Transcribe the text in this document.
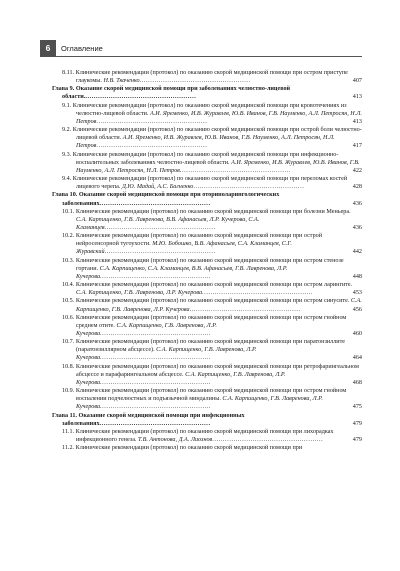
6	Оглавление
8.11. Клинические рекомендации (протокол) по оказанию скорой медицинской помощи при остром приступе глаукомы. Н.В. Ткаченко .....	407
Глава 9. Оказание скорой медицинской помощи при заболеваниях челюстно-лицевой области. .....	413
9.1. Клинические рекомендации (протокол) по оказанию скорой медицинской помощи при кровотечениях из челюстно-лицевой области. А.И. Яременко, И.В. Журавлев, Ю.В. Иванов, Г.В. Науменко, А.Л. Петросян, Н.Л. Петров .....	413
9.2. Клинические рекомендации (протокол) по оказанию скорой медицинской помощи при острой боли челюстно-лицевой области. А.И. Яременко, И.В. Журавлев, Ю.В. Иванов, Г.В. Науменко, А.Л. Петросян, Н.Л. Петров .....	417
9.3. Клинические рекомендации (протокол) по оказанию скорой медицинской помощи при инфекционно-воспалительных заболеваниях челюстно-лицевой области. А.И. Яременко, И.В. Журавлев, Ю.В. Иванов, Г.В. Науменко, А.Л. Петросян, Н.Л. Петров .....	422
9.4. Клинические рекомендации (протокол) по оказанию скорой медицинской помощи при переломах костей лицевого черепа. Д.Ю. Мадай, А.С. Багненко .....	428
Глава 10. Оказание скорой медицинской помощи при оториноларингологических заболеваниях .....	436
10.1. Клинические рекомендации (протокол) по оказанию скорой медицинской помощи при болезни Меньера. С.А. Карпищенко, Г.В. Лавренова, В.В. Афанасьев, Л.Р. Кучерова, С.А. Кламанцев .....	436
10.2. Клинические рекомендации (протокол) по оказанию скорой медицинской помощи при острой нейросенсорной тугоухости. М.Ю. Бобошко, В.В. Афанасьев, С.А. Кламанцев, С.Г. Журавский .....	442
10.3. Клинические рекомендации (протокол) по оказанию скорой медицинской помощи при остром стенозе гортани. С.А. Карпищенко, С.А. Кламанцев, В.В. Афанасьев, Г.В. Лавренова, Л.Р. Кучерова .....	448
10.4. Клинические рекомендации (протокол) по оказанию скорой медицинской помощи при остром ларингите. С.А. Карпищенко, Г.В. Лавренова, Л.Р. Кучерова .....	453
10.5. Клинические рекомендации (протокол) по оказанию скорой медицинской помощи при остром синусите. С.А. Карпищенко, Г.В. Лавренова, Л.Р. Кучерова .....	456
10.6. Клинические рекомендации (протокол) по оказанию скорой медицинской помощи при остром гнойном среднем отите. С.А. Карпищенко, Г.В. Лавренова, Л.Р. Кучерова .....	460
10.7. Клинические рекомендации (протокол) по оказанию скорой медицинской помощи при паратонзиллите (паратонзиллярном абсцессе). С.А. Карпищенко, Г.В. Лавренова, Л.Р. Кучерова .....	464
10.8. Клинические рекомендации (протокол) по оказанию скорой медицинской помощи при ретрофарингеальном абсцессе и парафарингеальном абсцессе. С.А. Карпищенко, Г.В. Лавренова, Л.Р. Кучерова .....	468
10.9. Клинические рекомендации (протокол) по оказанию скорой медицинской помощи при остром гнойном воспалении подчелюстных и подъязычной миндалины. С.А. Карпищенко, Г.В. Лавренова, Л.Р. Кучерова .....	475
Глава 11. Оказание скорой медицинской помощи при инфекционных заболеваниях .....	479
11.1. Клинические рекомендации (протокол) по оказанию скорой медицинской помощи при лихорадках инфекционного генеза. Т.В. Антонова, Д.А. Лиознов .....	479
11.2. Клинические рекомендации (протокол) по оказанию скорой медицинской помощи при
